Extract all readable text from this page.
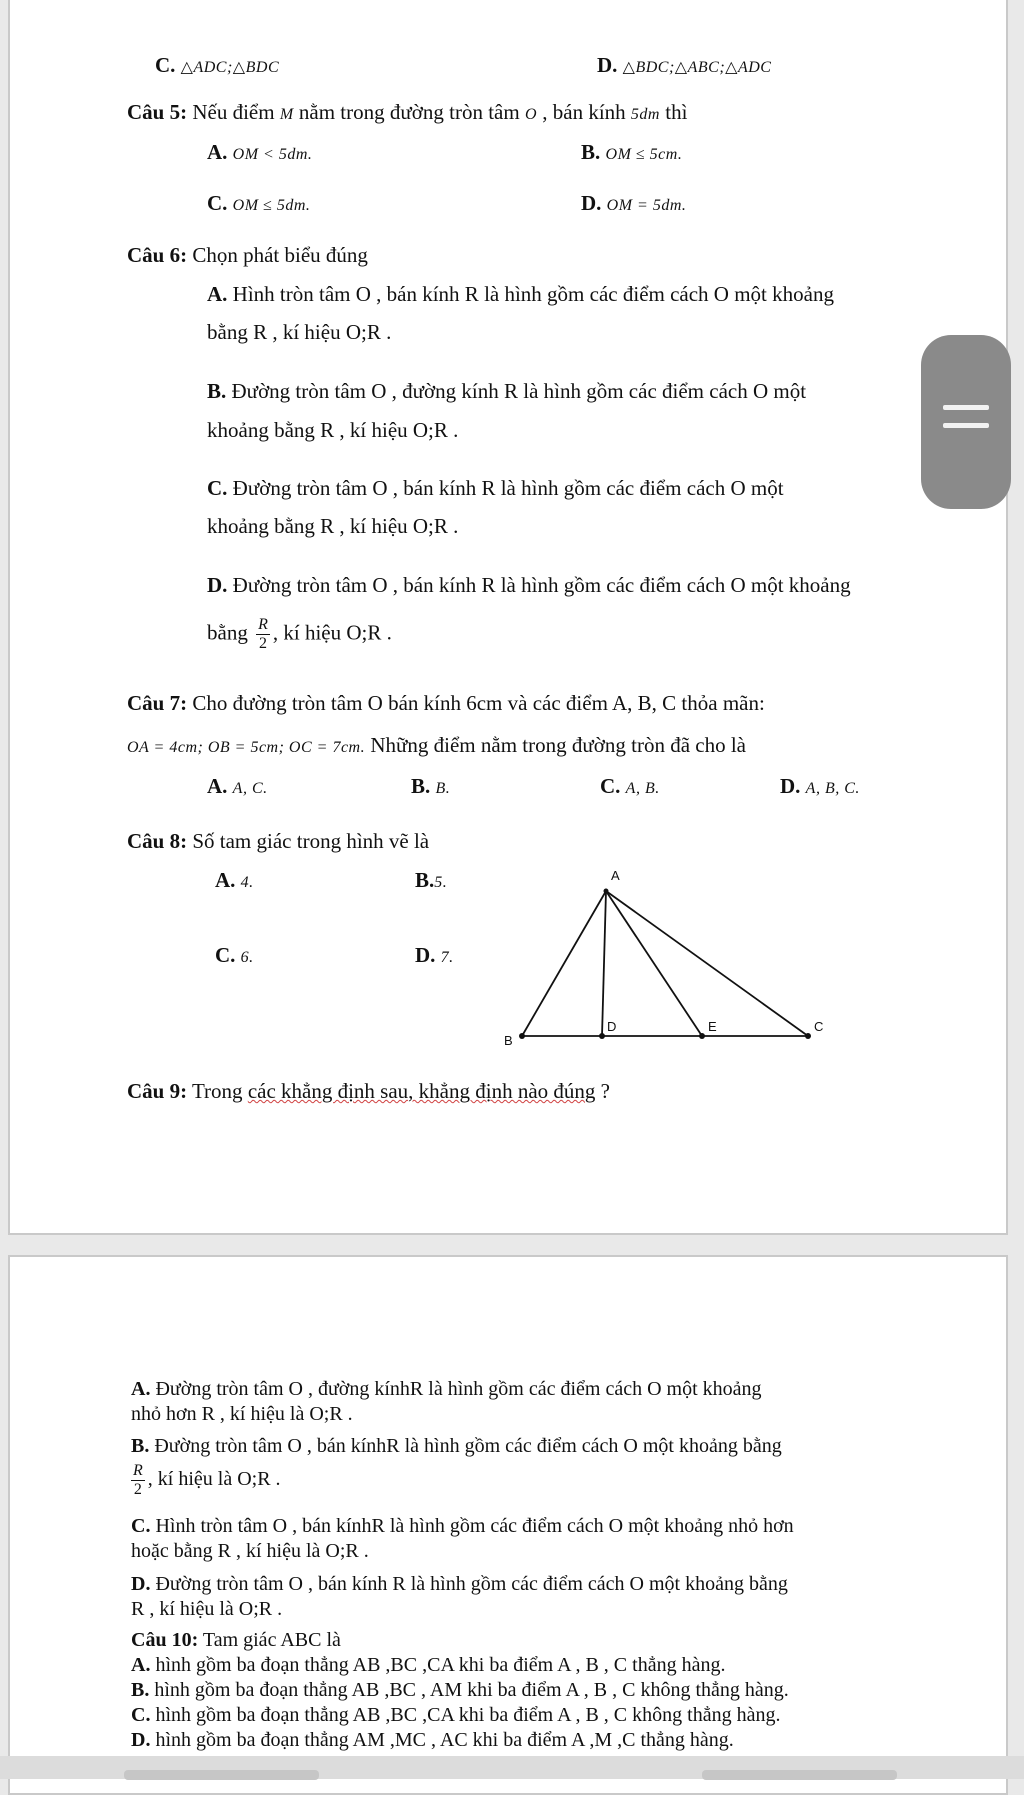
C. △ADC;△BDC	D. △BDC;△ABC;△ADC
Câu 5: Nếu điểm M nằm trong đường tròn tâm O , bán kính 5dm thì
A. OM < 5dm.	B. OM ≤ 5cm.
C. OM ≤ 5dm.	D. OM = 5dm.
Câu 6: Chọn phát biểu đúng
A. Hình tròn tâm O , bán kính R là hình gồm các điểm cách O một khoảng
bằng R , kí hiệu O;R .
B. Đường tròn tâm O , đường kính R là hình gồm các điểm cách O một
khoảng bằng R , kí hiệu O;R .
C. Đường tròn tâm O , bán kính R là hình gồm các điểm cách O một
khoảng bằng R , kí hiệu O;R .
D. Đường tròn tâm O , bán kính R là hình gồm các điểm cách O một khoảng
bằng $\frac{R}{2}$ , kí hiệu O;R .
Câu 7: Cho đường tròn tâm O bán kính 6cm và các điểm A, B, C thỏa mãn:
OA = 4cm; OB = 5cm; OC = 7cm. Những điểm nằm trong đường tròn đã cho là
A. A, C.	B. B.	C. A, B.	D. A, B, C.
Câu 8: Số tam giác trong hình vẽ là
A. 4.	B.5.
C. 6.	D. 7.
A
B
D	E	C
Câu 9: Trong các khẳng định sau, khẳng định nào đúng ?
A. Đường tròn tâm O , đường kínhR là hình gồm các điểm cách O một khoảng
nhỏ hơn R , kí hiệu là O;R .
B. Đường tròn tâm O , bán kínhR là hình gồm các điểm cách O một khoảng bằng
$\frac{R}{2}$ , kí hiệu là O;R .
C. Hình tròn tâm O , bán kínhR là hình gồm các điểm cách O một khoảng nhỏ hơn
hoặc bằng R , kí hiệu là O;R .
D. Đường tròn tâm O , bán kính R là hình gồm các điểm cách O một khoảng bằng
R , kí hiệu là O;R .
Câu 10: Tam giác ABC là
A. hình gồm ba đoạn thẳng AB ,BC ,CA khi ba điểm A , B , C thẳng hàng.
B. hình gồm ba đoạn thẳng AB ,BC , AM khi ba điểm A , B , C không thẳng hàng.
C. hình gồm ba đoạn thẳng AB ,BC ,CA khi ba điểm A , B , C không thẳng hàng.
D. hình gồm ba đoạn thẳng AM ,MC , AC khi ba điểm A ,M ,C thẳng hàng.
